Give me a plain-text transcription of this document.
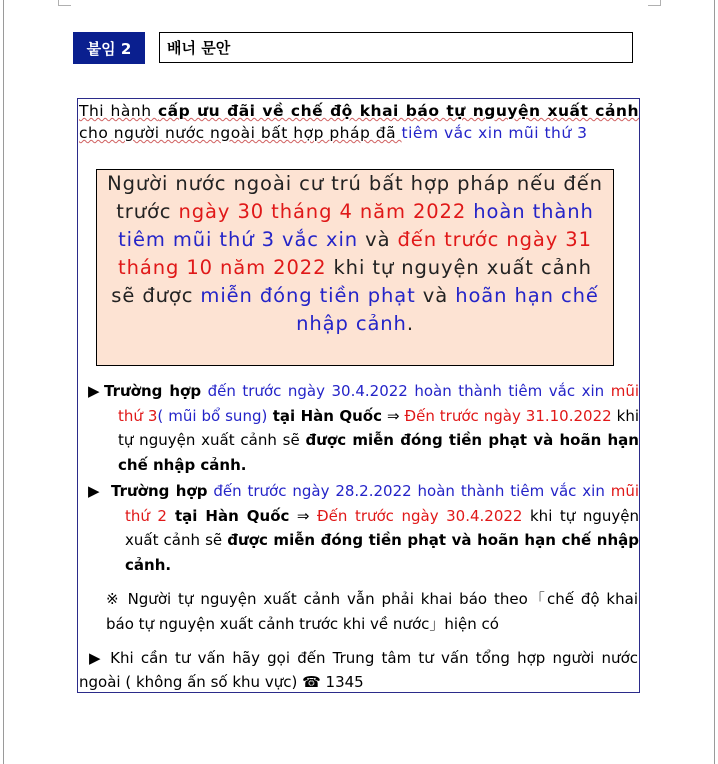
붙임 2	배너 문안
Thi hành cấp ưu đãi về chế độ khai báo tự nguyện xuất cảnh cho người nước ngoài bất hợp pháp đã tiêm vắc xin mũi thứ 3
Người nước ngoài cư trú bất hợp pháp nếu đến trước ngày 30 tháng 4 năm 2022 hoàn thành tiêm mũi thứ 3 vắc xin và đến trước ngày 31 tháng 10 năm 2022 khi tự nguyện xuất cảnh sẽ được miễn đóng tiền phạt và hoãn hạn chế nhập cảnh.
▶ Trường hợp đến trước ngày 30.4.2022 hoàn thành tiêm vắc xin mũi thứ 3( mũi bổ sung) tại Hàn Quốc ⇒ Đến trước ngày 31.10.2022 khi tự nguyện xuất cảnh sẽ được miễn đóng tiền phạt và hoãn hạn chế nhập cảnh.
▶ Trường hợp đến trước ngày 28.2.2022 hoàn thành tiêm vắc xin mũi thứ 2 tại Hàn Quốc ⇒ Đến trước ngày 30.4.2022 khi tự nguyện xuất cảnh sẽ được miễn đóng tiền phạt và hoãn hạn chế nhập cảnh.
※ Người tự nguyện xuất cảnh vẫn phải khai báo theo「chế độ khai báo tự nguyện xuất cảnh trước khi về nước」hiện có
▶ Khi cần tư vấn hãy gọi đến Trung tâm tư vấn tổng hợp người nước ngoài ( không ấn số khu vực) ☎ 1345
